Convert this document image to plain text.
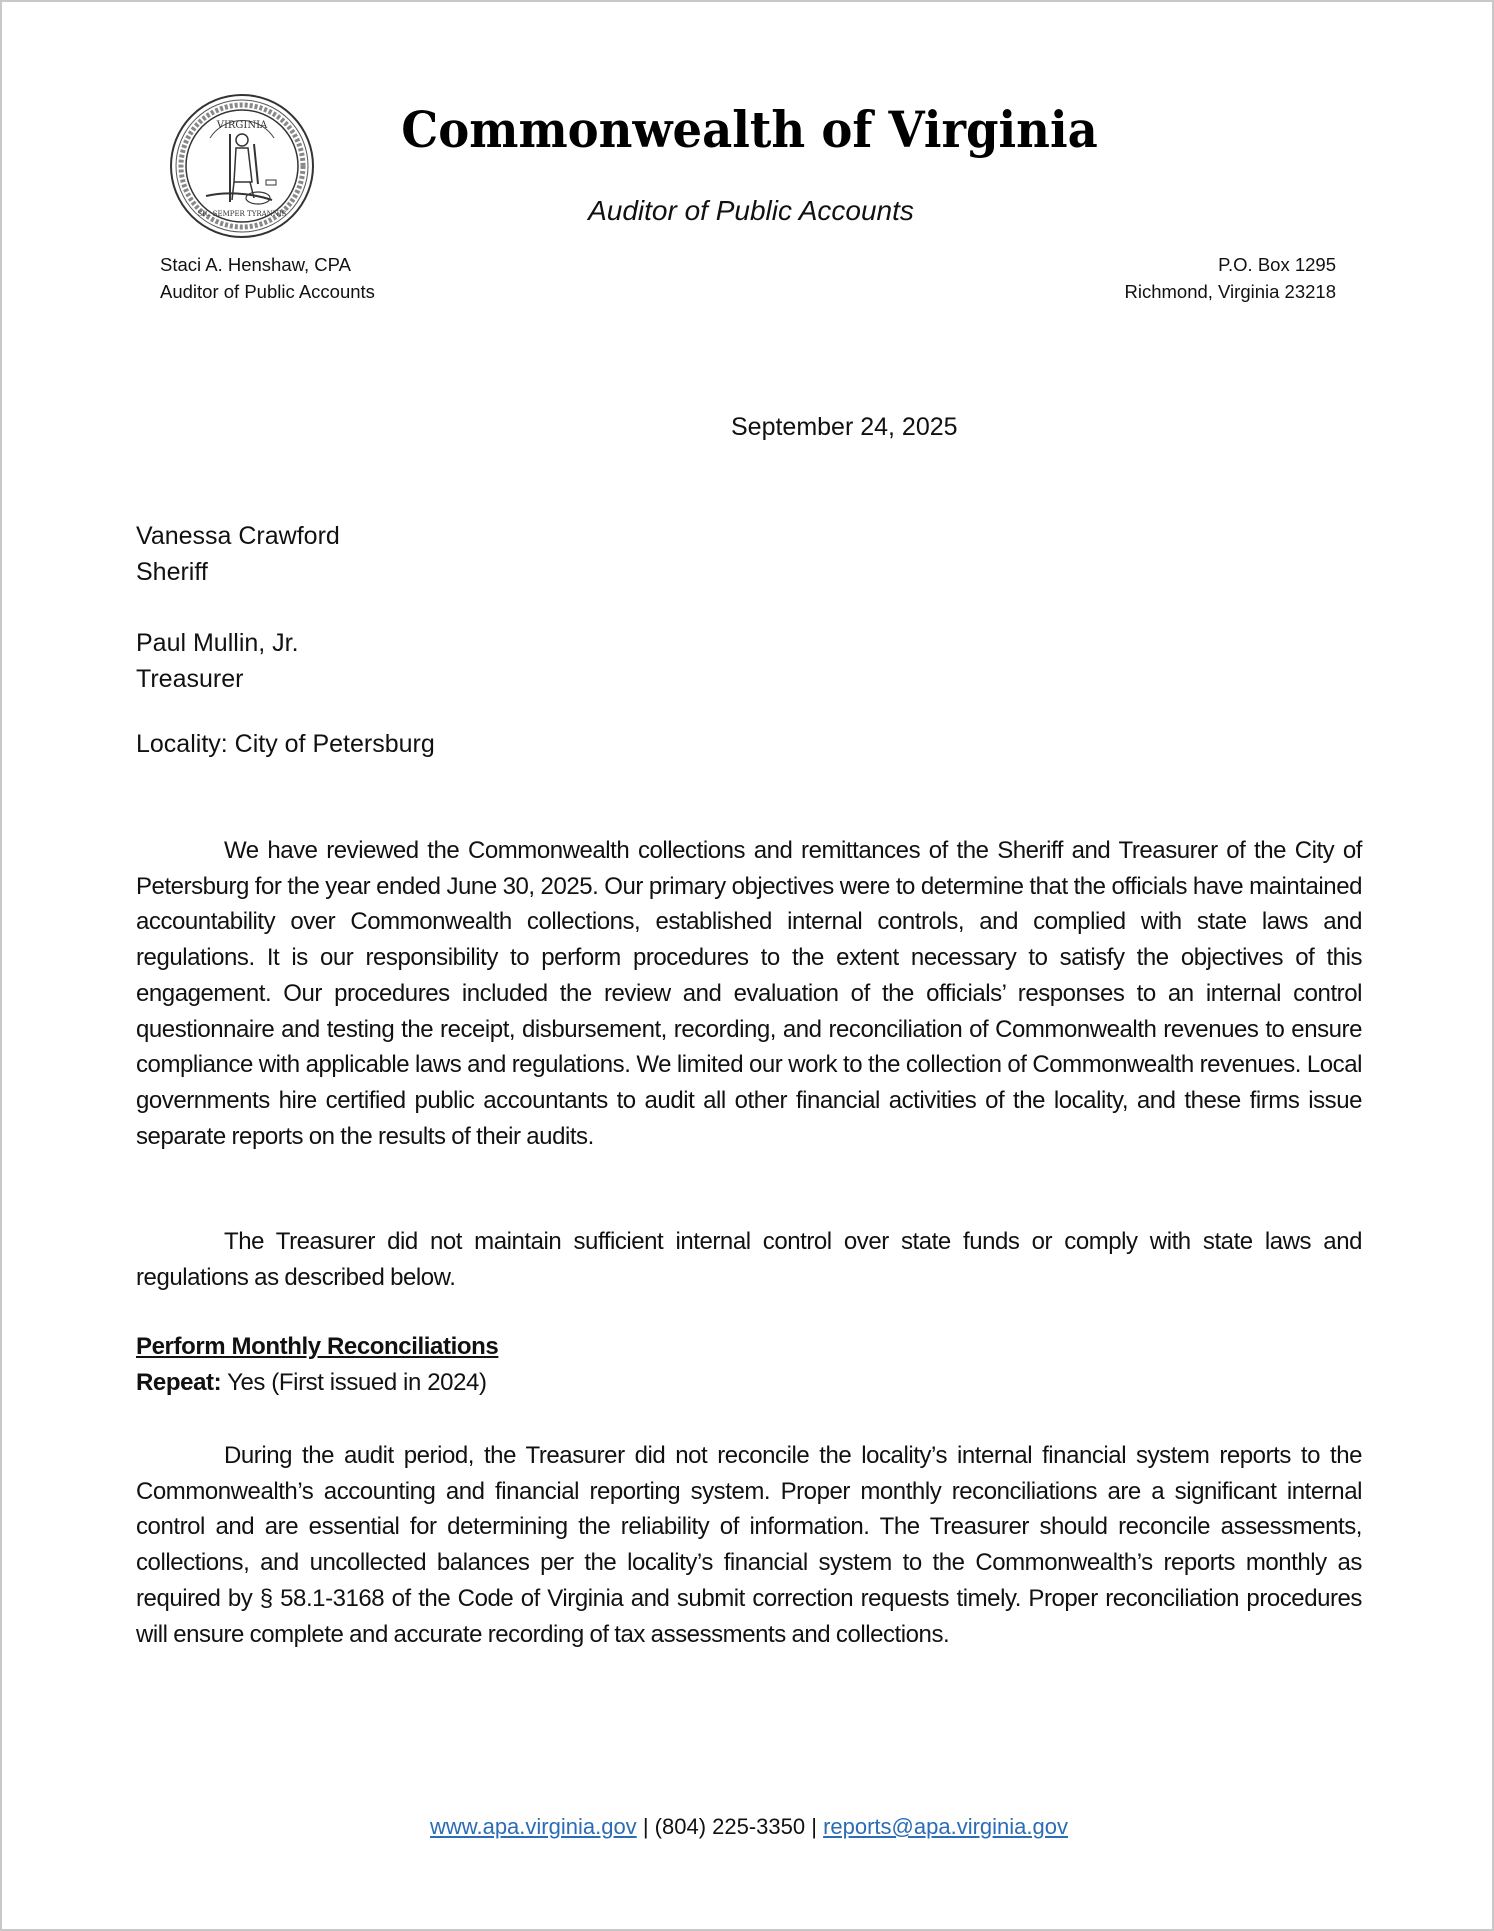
VIRGINIA
SIC SEMPER TYRANNIS
Commonwealth of Virginia
Auditor of Public Accounts
Staci A. Henshaw, CPA
Auditor of Public Accounts
P.O. Box 1295
Richmond, Virginia 23218
September 24, 2025
Vanessa Crawford
Sheriff
Paul Mullin, Jr.
Treasurer
Locality: City of Petersburg
We have reviewed the Commonwealth collections and remittances of the Sheriff and Treasurer of the City of Petersburg for the year ended June 30, 2025. Our primary objectives were to determine that the officials have maintained accountability over Commonwealth collections, established internal controls, and complied with state laws and regulations. It is our responsibility to perform procedures to the extent necessary to satisfy the objectives of this engagement. Our procedures included the review and evaluation of the officials’ responses to an internal control questionnaire and testing the receipt, disbursement, recording, and reconciliation of Commonwealth revenues to ensure compliance with applicable laws and regulations. We limited our work to the collection of Commonwealth revenues. Local governments hire certified public accountants to audit all other financial activities of the locality, and these firms issue separate reports on the results of their audits.
The Treasurer did not maintain sufficient internal control over state funds or comply with state laws and regulations as described below.
Perform Monthly Reconciliations
Repeat: Yes (First issued in 2024)
During the audit period, the Treasurer did not reconcile the locality’s internal financial system reports to the Commonwealth’s accounting and financial reporting system. Proper monthly reconciliations are a significant internal control and are essential for determining the reliability of information. The Treasurer should reconcile assessments, collections, and uncollected balances per the locality’s financial system to the Commonwealth’s reports monthly as required by § 58.1-3168 of the Code of Virginia and submit correction requests timely. Proper reconciliation procedures will ensure complete and accurate recording of tax assessments and collections.
www.apa.virginia.gov | (804) 225-3350 | reports@apa.virginia.gov
